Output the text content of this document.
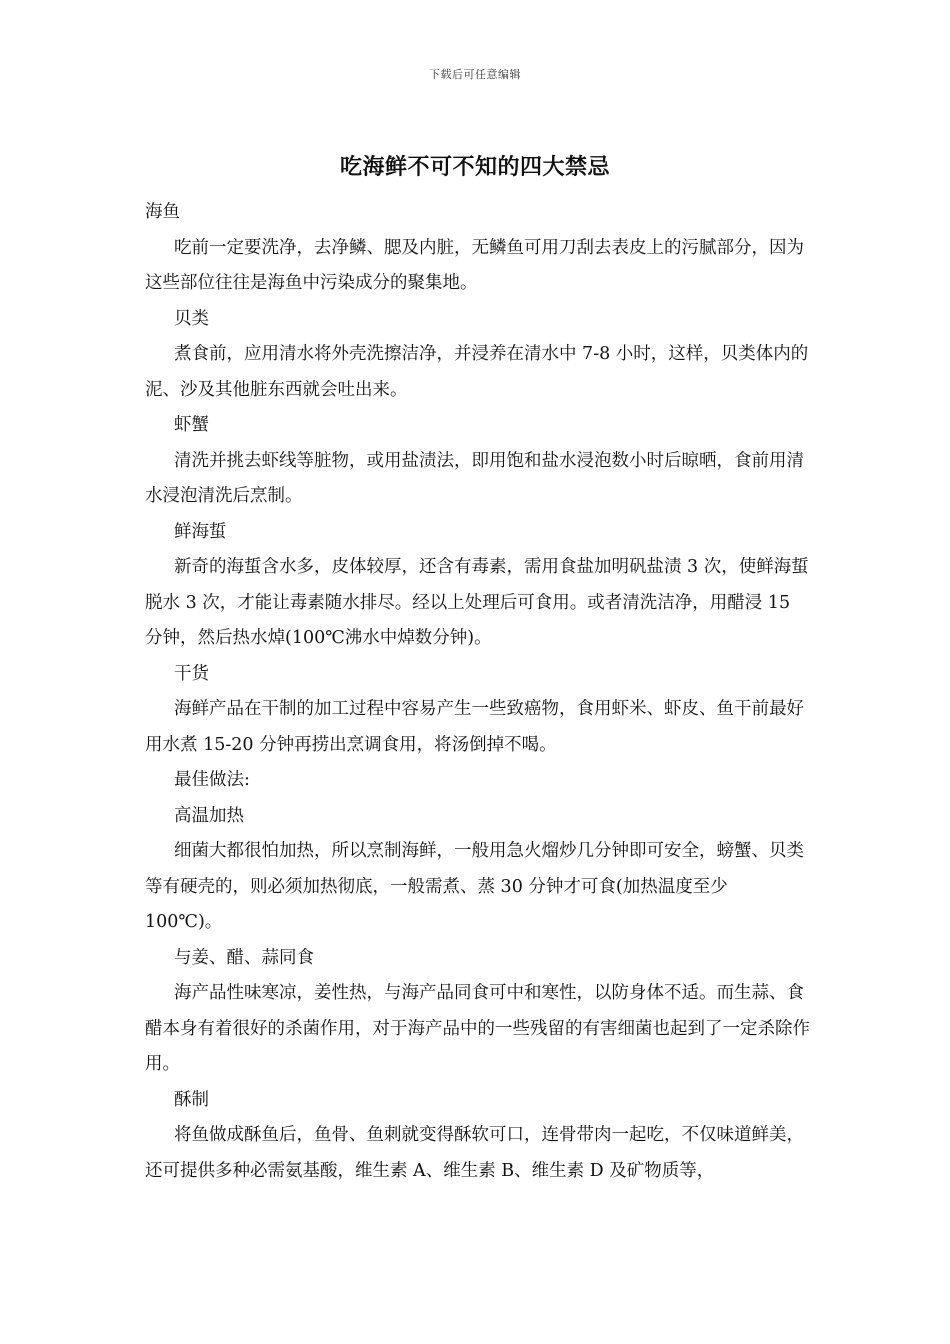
下载后可任意编辑
吃海鲜不可不知的四大禁忌

海鱼

吃前一定要洗净，去净鳞、腮及内脏，无鳞鱼可用刀刮去表皮上的污腻部分，因为这些部位往往是海鱼中污染成分的聚集地。

贝类

煮食前，应用清水将外壳洗擦洁净，并浸养在清水中 7-8 小时，这样，贝类体内的泥、沙及其他脏东西就会吐出来。

虾蟹

清洗并挑去虾线等脏物，或用盐渍法，即用饱和盐水浸泡数小时后晾晒，食前用清水浸泡清洗后烹制。

鲜海蜇

新奇的海蜇含水多，皮体较厚，还含有毒素，需用食盐加明矾盐渍 3 次，使鲜海蜇脱水 3 次，才能让毒素随水排尽。经以上处理后可食用。或者清洗洁净，用醋浸 15 分钟，然后热水焯(100℃沸水中焯数分钟)。

干货

海鲜产品在干制的加工过程中容易产生一些致癌物，食用虾米、虾皮、鱼干前最好用水煮 15-20 分钟再捞出烹调食用，将汤倒掉不喝。

最佳做法:

高温加热

细菌大都很怕加热，所以烹制海鲜，一般用急火熘炒几分钟即可安全，螃蟹、贝类等有硬壳的，则必须加热彻底，一般需煮、蒸 30 分钟才可食(加热温度至少 100℃)。

与姜、醋、蒜同食

海产品性味寒凉，姜性热，与海产品同食可中和寒性，以防身体不适。而生蒜、食醋本身有着很好的杀菌作用，对于海产品中的一些残留的有害细菌也起到了一定杀除作用。

酥制

将鱼做成酥鱼后，鱼骨、鱼刺就变得酥软可口，连骨带肉一起吃，不仅味道鲜美，还可提供多种必需氨基酸，维生素 A、维生素 B、维生素 D 及矿物质等，
